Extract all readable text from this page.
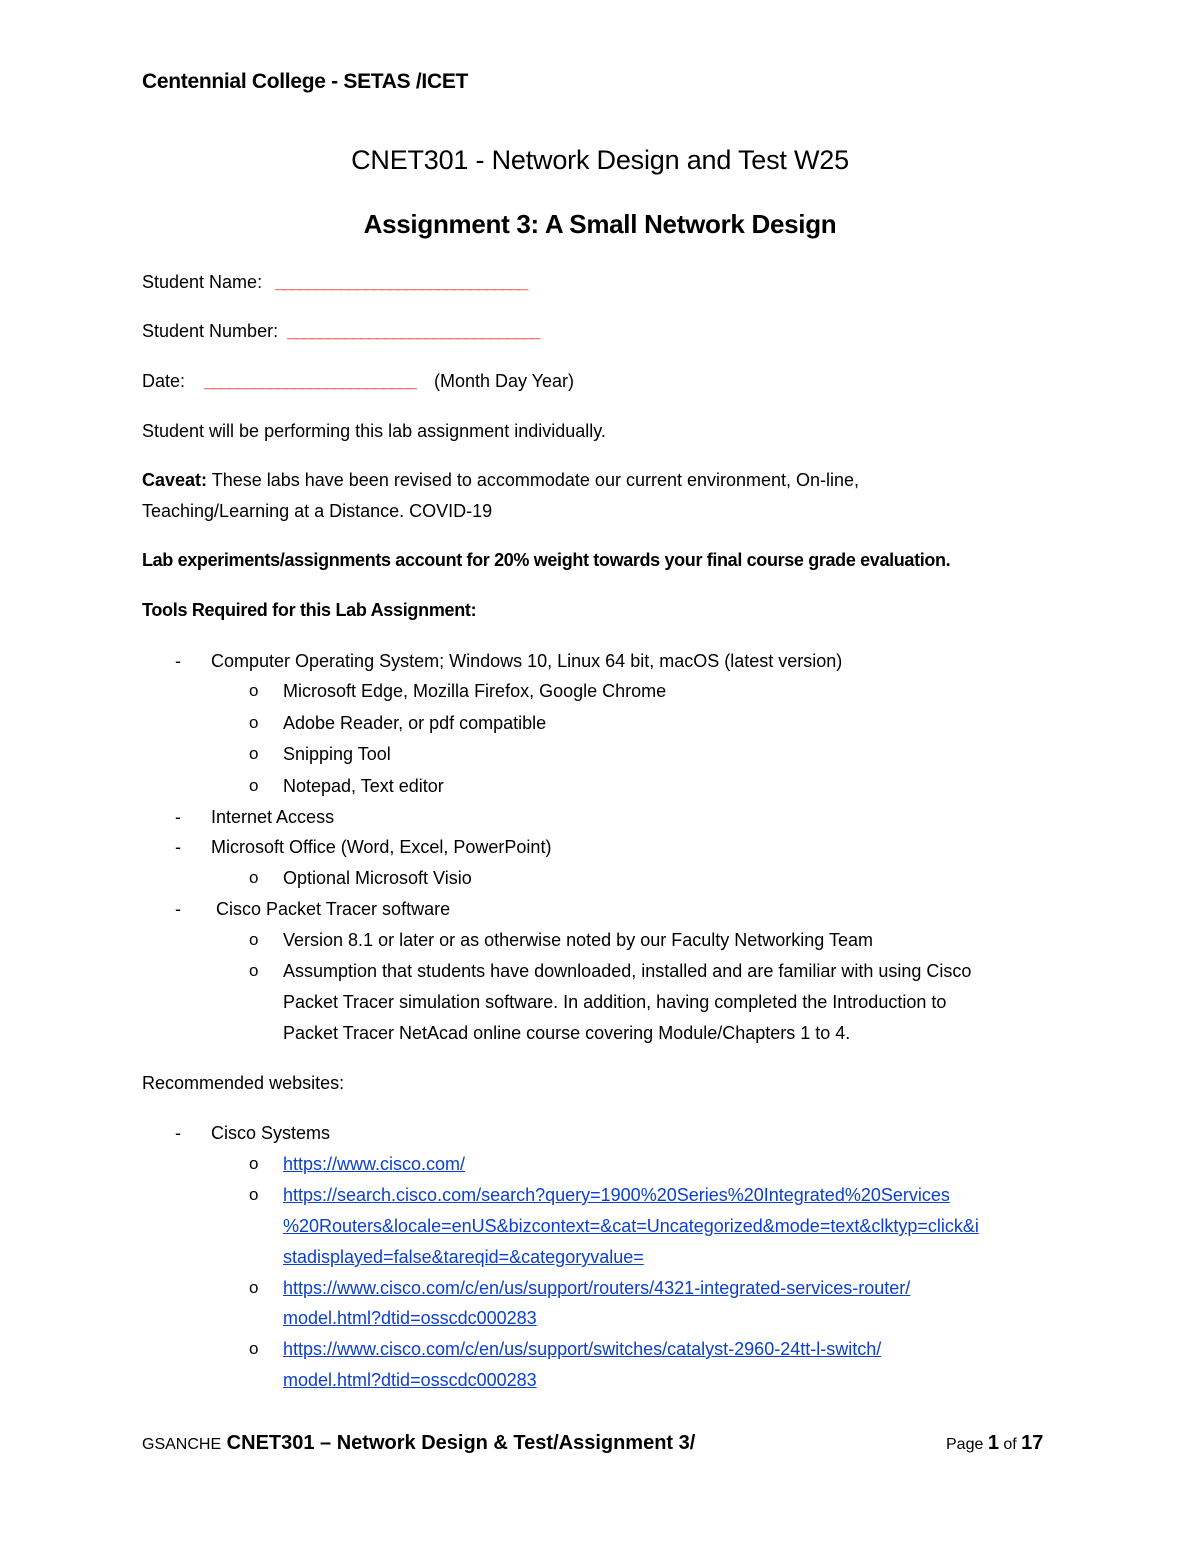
Centennial College - SETAS /ICET
CNET301 - Network Design and Test W25
Assignment 3: A Small Network Design
Student Name: _______________________________
Student Number: _______________________________
Date: __________________________ (Month Day Year)
Student will be performing this lab assignment individually.
Caveat: These labs have been revised to accommodate our current environment, On-line,
Teaching/Learning at a Distance. COVID-19
Lab experiments/assignments account for 20% weight towards your final course grade evaluation.
Tools Required for this Lab Assignment:
- Computer Operating System; Windows 10, Linux 64 bit, macOS (latest version)
o Microsoft Edge, Mozilla Firefox, Google Chrome
o Adobe Reader, or pdf compatible
o Snipping Tool
o Notepad, Text editor
- Internet Access
- Microsoft Office (Word, Excel, PowerPoint)
o Optional Microsoft Visio
- Cisco Packet Tracer software
o Version 8.1 or later or as otherwise noted by our Faculty Networking Team
o Assumption that students have downloaded, installed and are familiar with using Cisco
Packet Tracer simulation software. In addition, having completed the Introduction to
Packet Tracer NetAcad online course covering Module/Chapters 1 to 4.
Recommended websites:
- Cisco Systems
o https://www.cisco.com/
o https://search.cisco.com/search?query=1900%20Series%20Integrated%20Services
%20Routers&locale=enUS&bizcontext=&cat=Uncategorized&mode=text&clktyp=click&i
stadisplayed=false&tareqid=&categoryvalue=
o https://www.cisco.com/c/en/us/support/routers/4321-integrated-services-router/
model.html?dtid=osscdc000283
o https://www.cisco.com/c/en/us/support/switches/catalyst-2960-24tt-l-switch/
model.html?dtid=osscdc000283
GSANCHE CNET301 – Network Design & Test/Assignment 3/	Page 1 of 17
